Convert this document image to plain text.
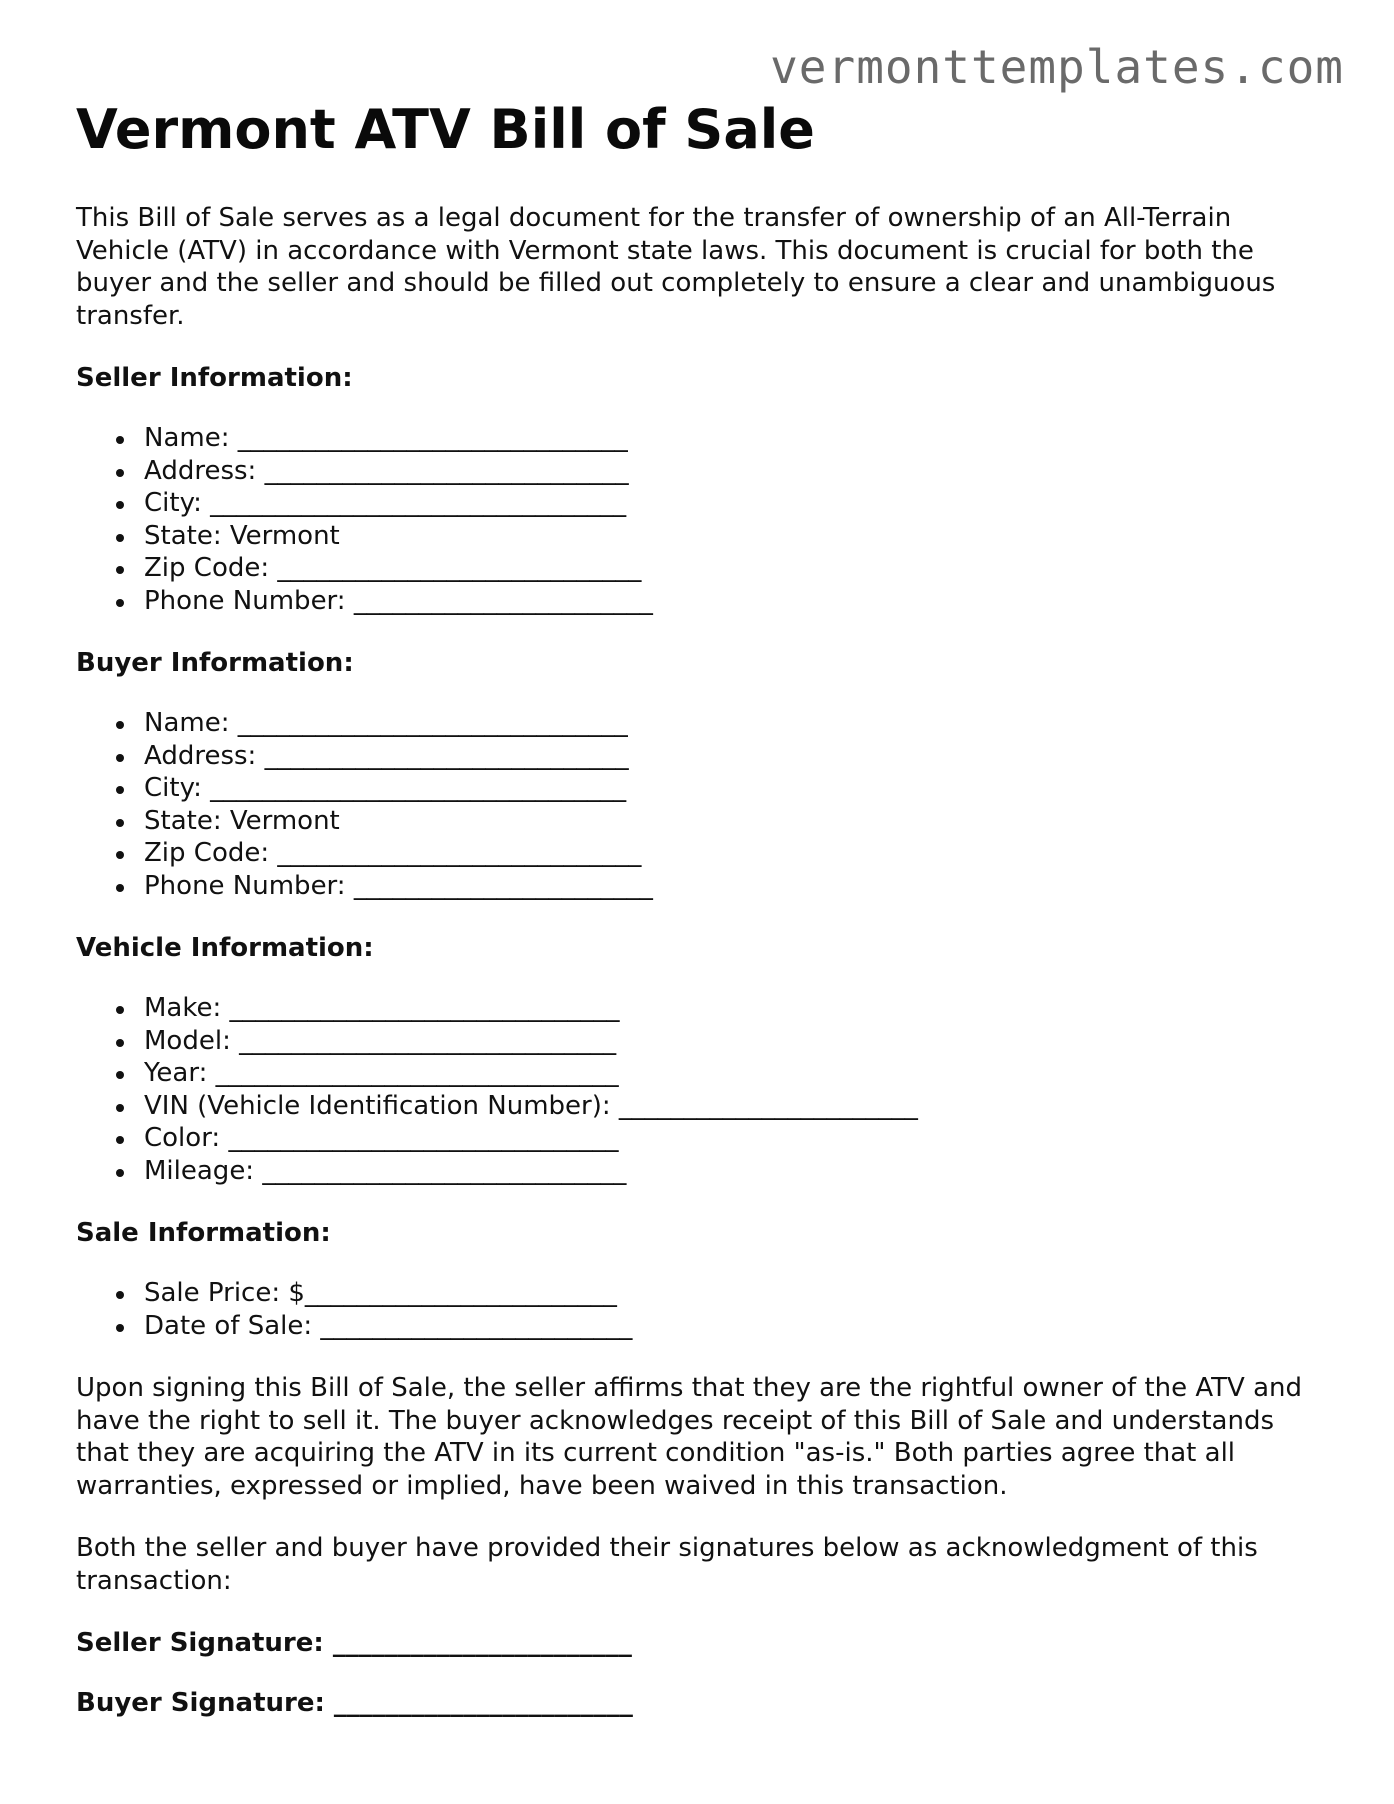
vermonttemplates.com
Vermont ATV Bill of Sale

This Bill of Sale serves as a legal document for the transfer of ownership of an All-Terrain Vehicle (ATV) in accordance with Vermont state laws. This document is crucial for both the buyer and the seller and should be filled out completely to ensure a clear and unambiguous transfer.

Seller Information:
Name: ______________________________
Address: ____________________________
City: ________________________________
State: Vermont
Zip Code: ____________________________
Phone Number: _______________________
Buyer Information:
Name: ______________________________
Address: ____________________________
City: ________________________________
State: Vermont
Zip Code: ____________________________
Phone Number: _______________________
Vehicle Information:
Make: ______________________________
Model: _____________________________
Year: _______________________________
VIN (Vehicle Identification Number): _______________________
Color: ______________________________
Mileage: ____________________________
Sale Information:
Sale Price: $________________________
Date of Sale: ________________________

Upon signing this Bill of Sale, the seller affirms that they are the rightful owner of the ATV and have the right to sell it. The buyer acknowledges receipt of this Bill of Sale and understands that they are acquiring the ATV in its current condition "as-is." Both parties agree that all warranties, expressed or implied, have been waived in this transaction.

Both the seller and buyer have provided their signatures below as acknowledgment of this transaction:

Seller Signature: _______________________
Buyer Signature: _______________________
